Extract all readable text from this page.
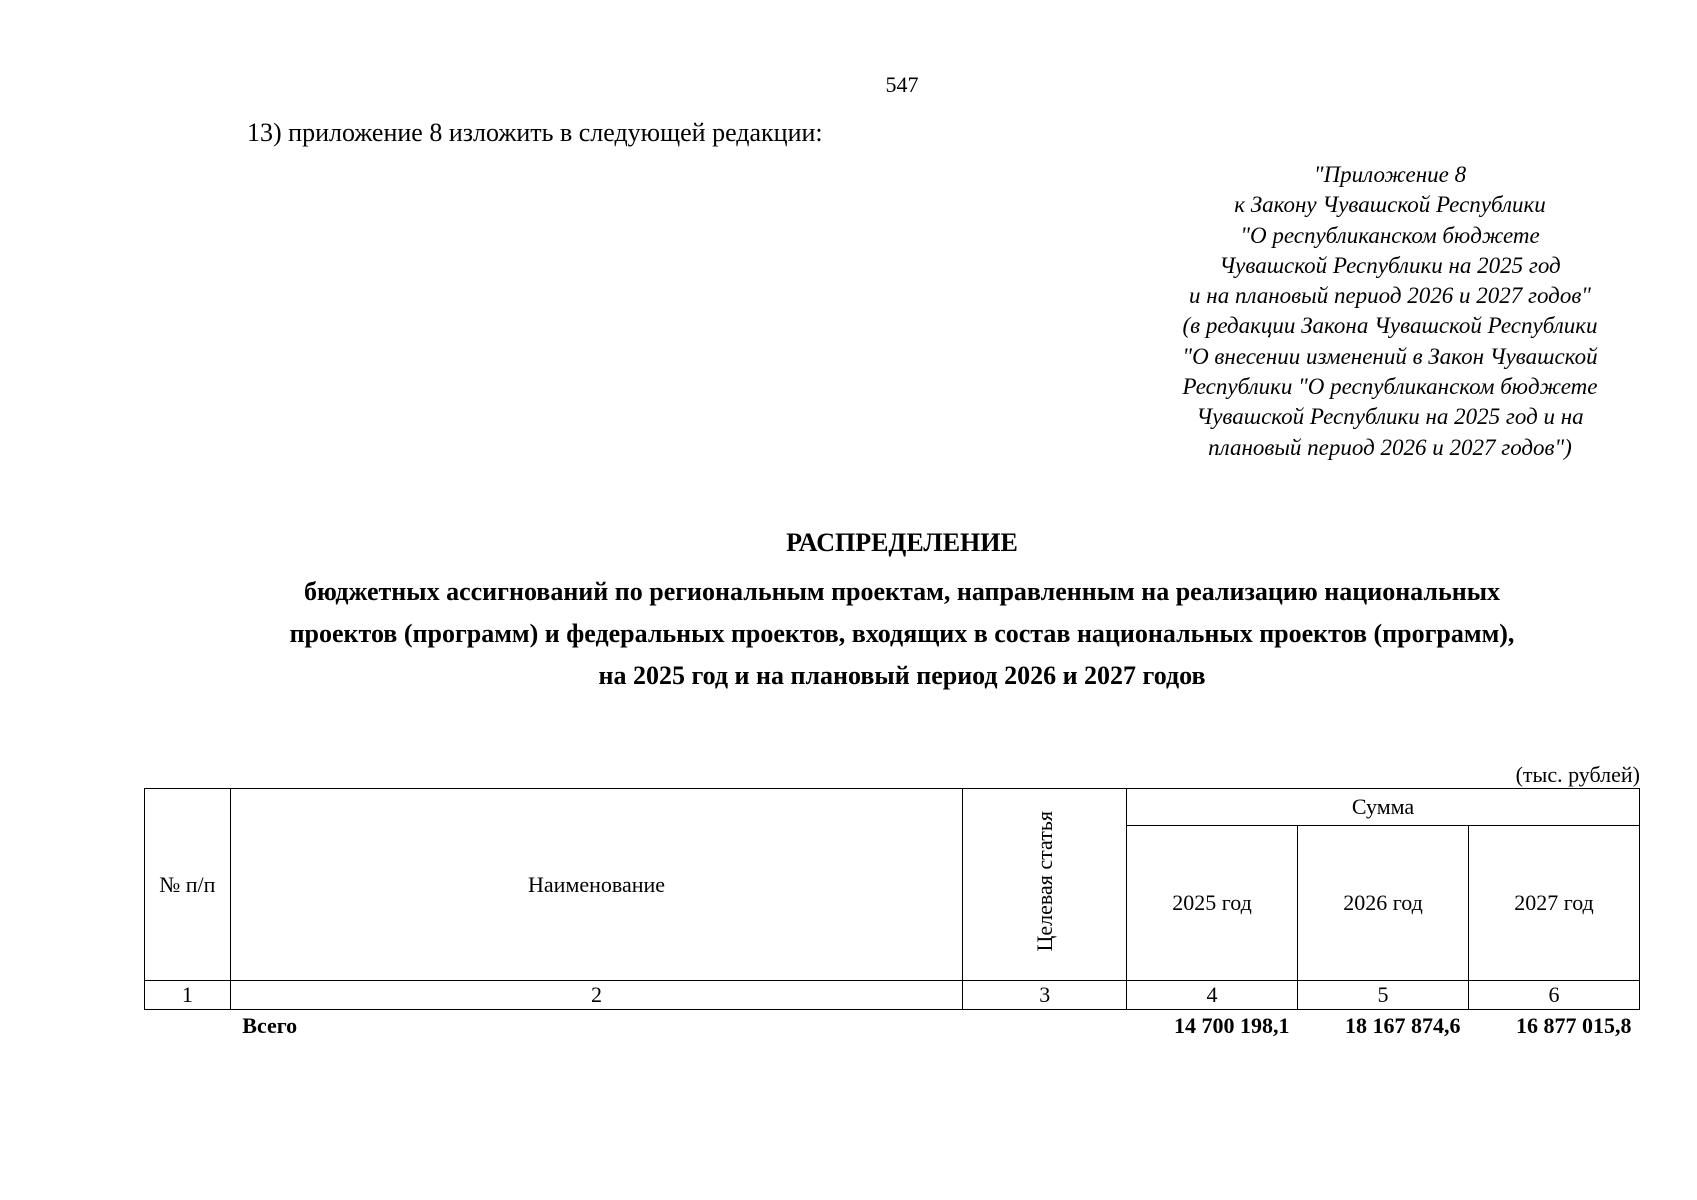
547
13) приложение 8 изложить в следующей редакции:
"Приложение 8
к Закону Чувашской Республики
"О республиканском бюджете
Чувашской Республики на 2025 год
и на плановый период 2026 и 2027 годов"
(в редакции Закона Чувашской Республики
"О внесении изменений в Закон Чувашской
Республики "О республиканском бюджете
Чувашской Республики на 2025 год и на
плановый период 2026 и 2027 годов")
РАСПРЕДЕЛЕНИЕ
бюджетных ассигнований по региональным проектам, направленным на реализацию национальных
проектов (программ) и федеральных проектов, входящих в состав национальных проектов (программ),
на 2025 год и на плановый период 2026 и 2027 годов
(тыс. рублей)
№ п/п	Наименование	Целевая статья	Сумма		
			2025 год	2026 год	2027 год
1	2	3	4	5	6
	Всего		14 700 198,1	18 167 874,6	16 877 015,8
